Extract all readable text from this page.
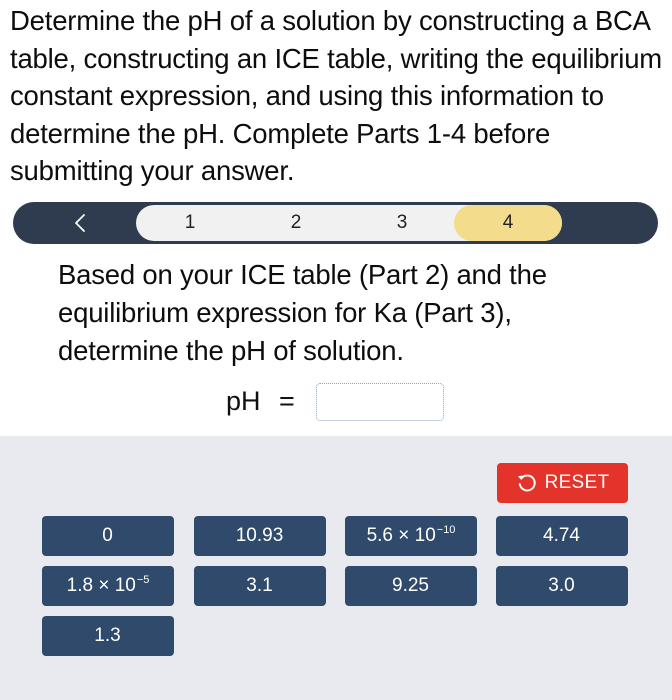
Determine the pH of a solution by constructing a BCA table, constructing an ICE table, writing the equilibrium constant expression, and using this information to determine the pH. Complete Parts 1-4 before submitting your answer.

1	2	3	4

Based on your ICE table (Part 2) and the equilibrium expression for Ka (Part 3), determine the pH of solution.

pH =
RESET
0	10.93	$5.6 \times 10^{-10}$	4.74
$1.8 \times 10^{-5}$	3.1	9.25	3.0
1.3
